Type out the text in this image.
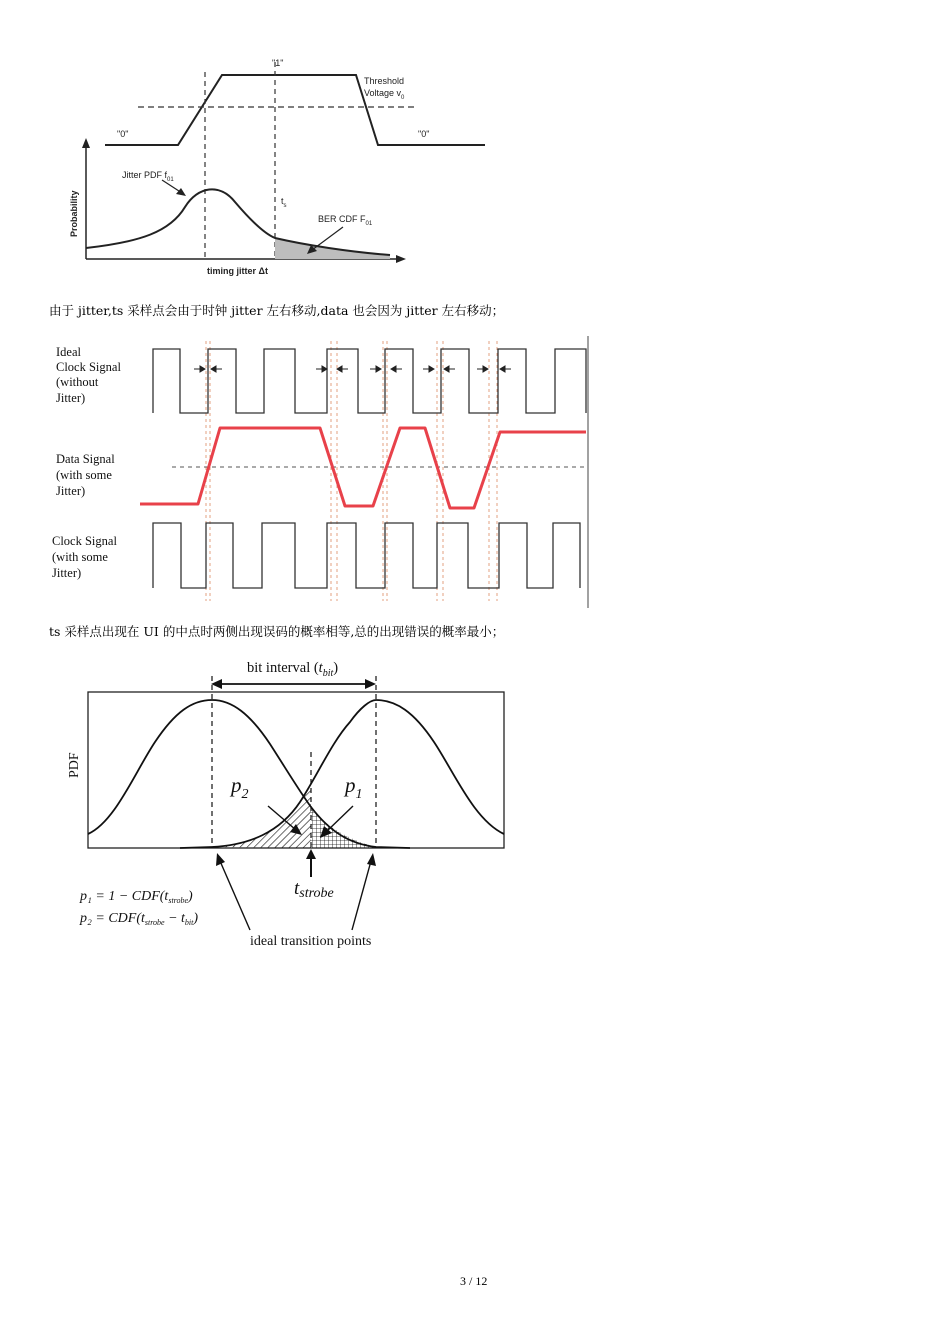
"1"
"0"	"0"
Threshold
Voltage $v_0$
Jitter PDF $f_{01}$
$t_s$
BER CDF $F_{01}$
Probability
timing jitter Δt
由于 jitter,ts 采样点会由于时钟 jitter 左右移动,data 也会因为 jitter 左右移动；
Ideal
Clock Signal
(without
Jitter)
Data Signal
(with some
Jitter)
Clock Signal
(with some
Jitter)
ts 采样点出现在 UI 的中点时两侧出现误码的概率相等,总的出现错误的概率最小；
bit interval $(t_{bit})$
PDF
$p_2$	$p_1$
tstrobe
$p_1 = 1 - CDF(t_{strobe})$
$p_2 = CDF(t_{strobe} - t_{bit})$
ideal transition points
3 / 12
